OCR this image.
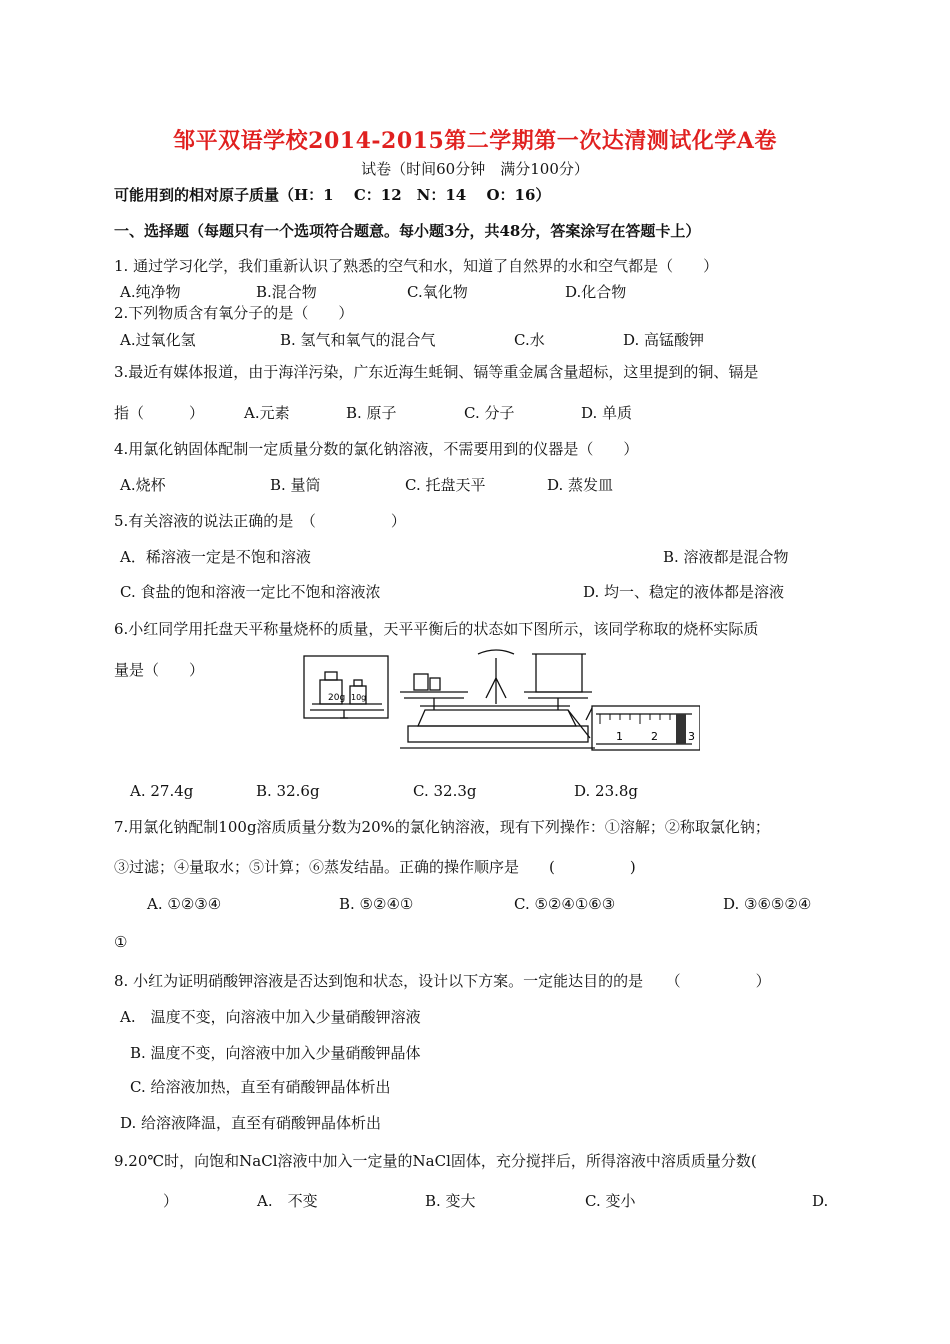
邹平双语学校2014-2015第二学期第一次达清测试化学A卷
试卷（时间60分钟　满分100分）
可能用到的相对原子质量（H：1　 C：12　N：14　 O：16）
一、选择题（每题只有一个选项符合题意。每小题3分，共48分，答案涂写在答题卡上）
1. 通过学习化学，我们重新认识了熟悉的空气和水，知道了自然界的水和空气都是（　　）
A.纯净物	B.混合物	C.氧化物	D.化合物
2.下列物质含有氧分子的是（　　）
A.过氧化氢	B. 氢气和氧气的混合气	C.水	D. 高锰酸钾
3.最近有媒体报道，由于海洋污染，广东近海生蚝铜、镉等重金属含量超标，这里提到的铜、镉是
指（　　　）	A.元素	B. 原子	C. 分子	D. 单质
4.用氯化钠固体配制一定质量分数的氯化钠溶液，不需要用到的仪器是（　　）
A.烧杯	B. 量筒	C. 托盘天平	D. 蒸发皿
5.有关溶液的说法正确的是　（　　　　　）
A．稀溶液一定是不饱和溶液	B. 溶液都是混合物
C. 食盐的饱和溶液一定比不饱和溶液浓	D. 均一、稳定的液体都是溶液
6.小红同学用托盘天平称量烧杯的质量，天平平衡后的状态如下图所示，该同学称取的烧杯实际质
量是（　　）
20g 10g
1	2	3
A. 27.4g	B. 32.6g	C. 32.3g	D. 23.8g
7.用氯化钠配制100g溶质质量分数为20%的氯化钠溶液，现有下列操作：①溶解；②称取氯化钠；
③过滤；④量取水；⑤计算；⑥蒸发结晶。正确的操作顺序是　　(　　　　　)
A. ①②③④	B. ⑤②④①	C. ⑤②④①⑥③	D. ③⑥⑤②④
①
8. 小红为证明硝酸钾溶液是否达到饱和状态，设计以下方案。一定能达目的的是　　（　　　　　）
A.　温度不变，向溶液中加入少量硝酸钾溶液
B. 温度不变，向溶液中加入少量硝酸钾晶体
C. 给溶液加热，直至有硝酸钾晶体析出
D. 给溶液降温，直至有硝酸钾晶体析出
9.20℃时，向饱和NaCl溶液中加入一定量的NaCl固体，充分搅拌后，所得溶液中溶质质量分数(
）	A.　不变	B. 变大	C. 变小	D.
